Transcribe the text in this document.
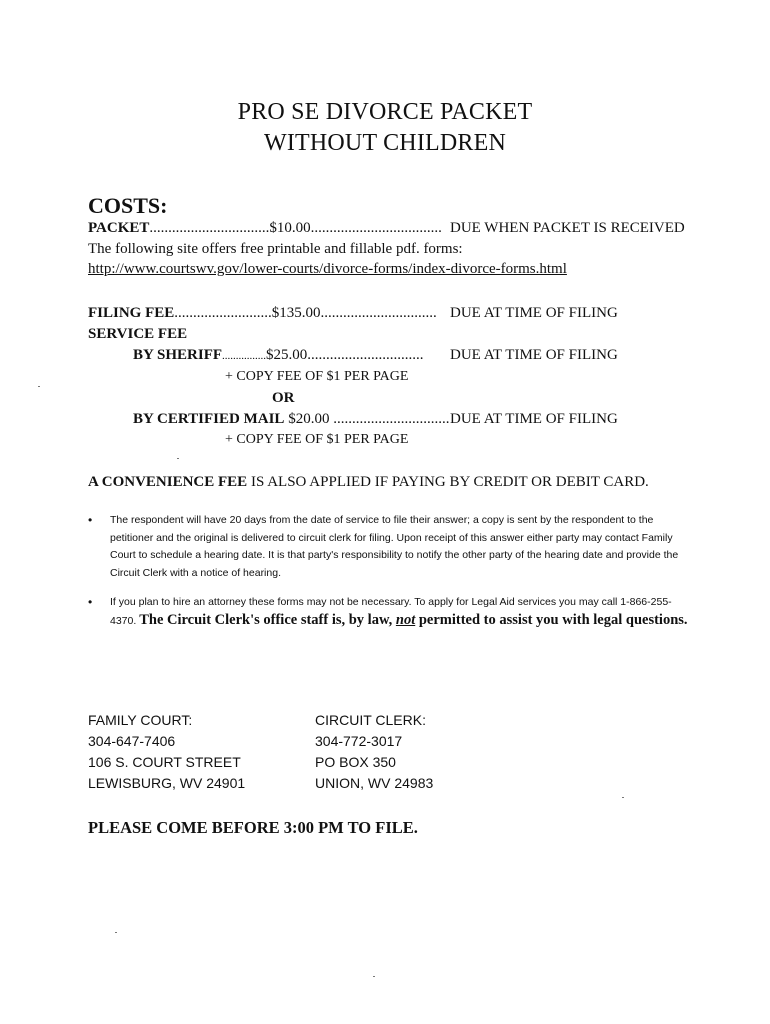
PRO SE DIVORCE PACKET
WITHOUT CHILDREN
COSTS:
PACKET................................$10.00................................... DUE WHEN PACKET IS RECEIVED
The following site offers free printable and fillable pdf. forms:
http://www.courtswv.gov/lower-courts/divorce-forms/index-divorce-forms.html
FILING FEE..........................$135.00............................... DUE AT TIME OF FILING
SERVICE FEE
BY SHERIFF................$25.00............................... DUE AT TIME OF FILING
+ COPY FEE OF $1 PER PAGE
OR
BY CERTIFIED MAIL $20.00 ............................... DUE AT TIME OF FILING
+ COPY FEE OF $1 PER PAGE
A CONVENIENCE FEE IS ALSO APPLIED IF PAYING BY CREDIT OR DEBIT CARD.
• The respondent will have 20 days from the date of service to file their answer; a copy is sent by the respondent to the petitioner and the original is delivered to circuit clerk for filing. Upon receipt of this answer either party may contact Family Court to schedule a hearing date. It is that party's responsibility to notify the other party of the hearing date and provide the Circuit Clerk with a notice of hearing.
• If you plan to hire an attorney these forms may not be necessary. To apply for Legal Aid services you may call 1-866-255-4370. The Circuit Clerk's office staff is, by law, not permitted to assist you with legal questions.
FAMILY COURT:
304-647-7406
106 S. COURT STREET
LEWISBURG, WV 24901
CIRCUIT CLERK:
304-772-3017
PO BOX 350
UNION, WV 24983
PLEASE COME BEFORE 3:00 PM TO FILE.
